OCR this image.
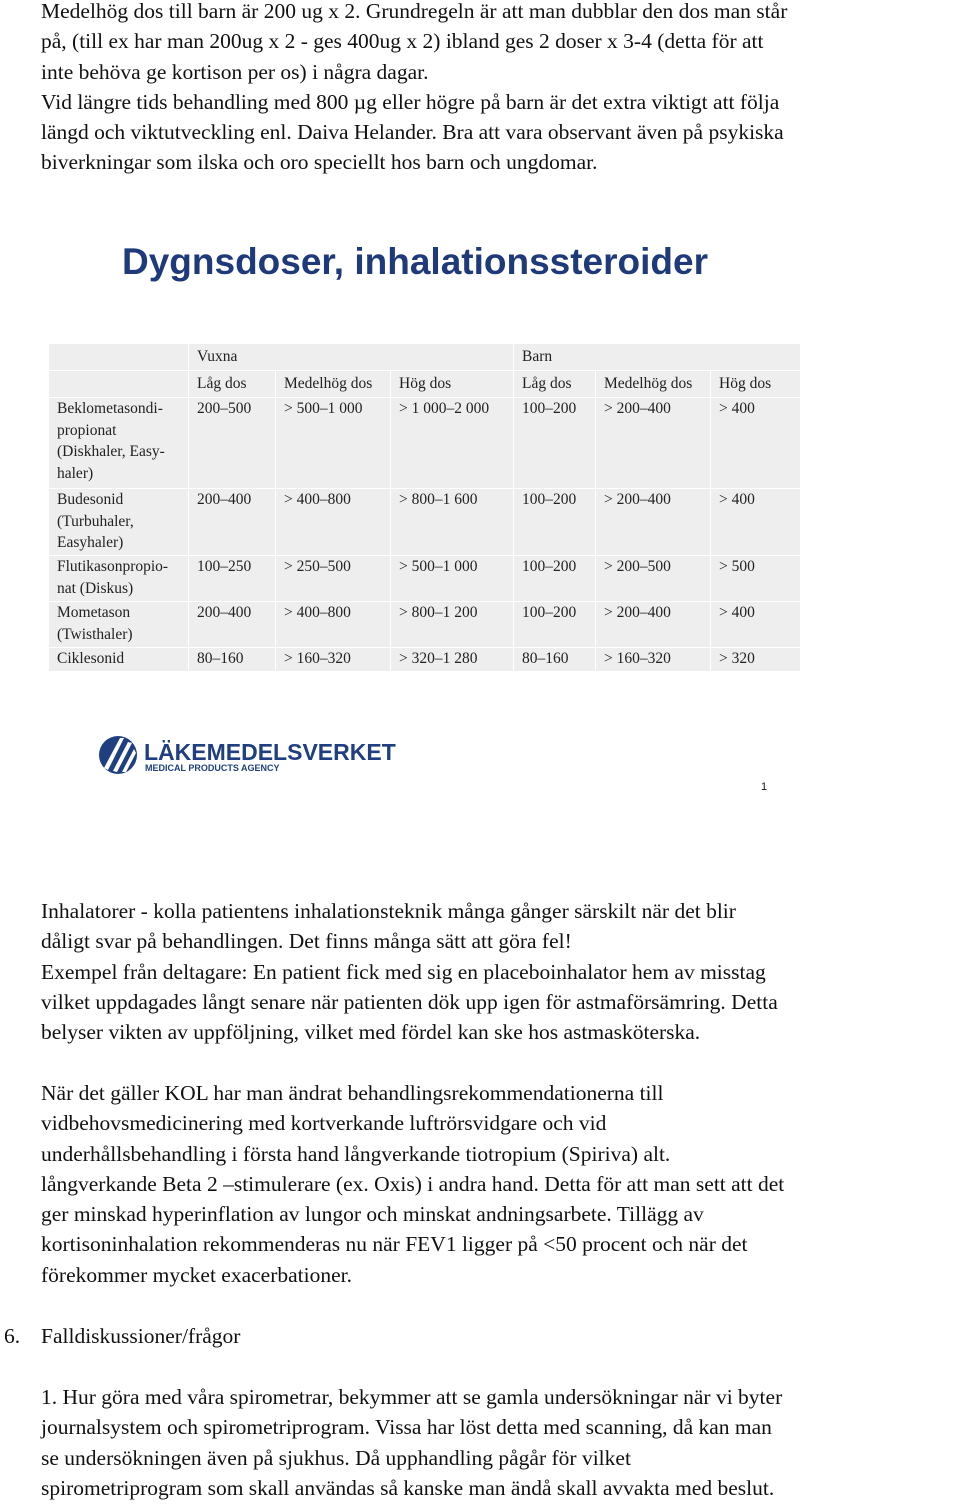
Medelhög dos till barn är 200 ug x 2. Grundregeln är att man dubblar den dos man står
på, (till ex har man 200ug x 2 - ges 400ug x 2) ibland ges 2 doser x 3-4 (detta för att
inte behöva ge kortison per os) i några dagar.
Vid längre tids behandling med 800 µg eller högre på barn är det extra viktigt att följa
längd och viktutveckling enl. Daiva Helander. Bra att vara observant även på psykiska
biverkningar som ilska och oro speciellt hos barn och ungdomar.
Dygnsdoser, inhalationssteroider
	Vuxna			Barn		
	Låg dos	Medelhög dos	Hög dos	Låg dos	Medelhög dos	Hög dos

Beklometasondi-
propionat
(Diskhaler, Easy-
haler)	200–500	> 500–1 000	> 1 000–2 000	100–200	> 200–400	> 400

Budesonid
(Turbuhaler,
Easyhaler)	200–400	> 400–800	> 800–1 600	100–200	> 200–400	> 400

Flutikasonpropio-
nat (Diskus)	100–250	> 250–500	> 500–1 000	100–200	> 200–500	> 500

Mometason
(Twisthaler)	200–400	> 400–800	> 800–1 200	100–200	> 200–400	> 400

Ciklesonid	80–160	> 160–320	> 320–1 280	80–160	> 160–320	> 320
LÄKEMEDELSVERKET
MEDICAL PRODUCTS AGENCY
1
Inhalatorer - kolla patientens inhalationsteknik många gånger särskilt när det blir
dåligt svar på behandlingen. Det finns många sätt att göra fel!
Exempel från deltagare: En patient fick med sig en placeboinhalator hem av misstag
vilket uppdagades långt senare när patienten dök upp igen för astmaförsämring. Detta
belyser vikten av uppföljning, vilket med fördel kan ske hos astmasköterska.
När det gäller KOL har man ändrat behandlingsrekommendationerna till
vidbehovsmedicinering med kortverkande luftrörsvidgare och vid
underhållsbehandling i första hand långverkande tiotropium (Spiriva) alt.
långverkande Beta 2 –stimulerare (ex. Oxis) i andra hand. Detta för att man sett att det
ger minskad hyperinflation av lungor och minskat andningsarbete. Tillägg av
kortisoninhalation rekommenderas nu när FEV1 ligger på <50 procent och när det
förekommer mycket exacerbationer.
6. Falldiskussioner/frågor
1. Hur göra med våra spirometrar, bekymmer att se gamla undersökningar när vi byter
journalsystem och spirometriprogram. Vissa har löst detta med scanning, då kan man
se undersökningen även på sjukhus. Då upphandling pågår för vilket
spirometriprogram som skall användas så kanske man ändå skall avvakta med beslut.
